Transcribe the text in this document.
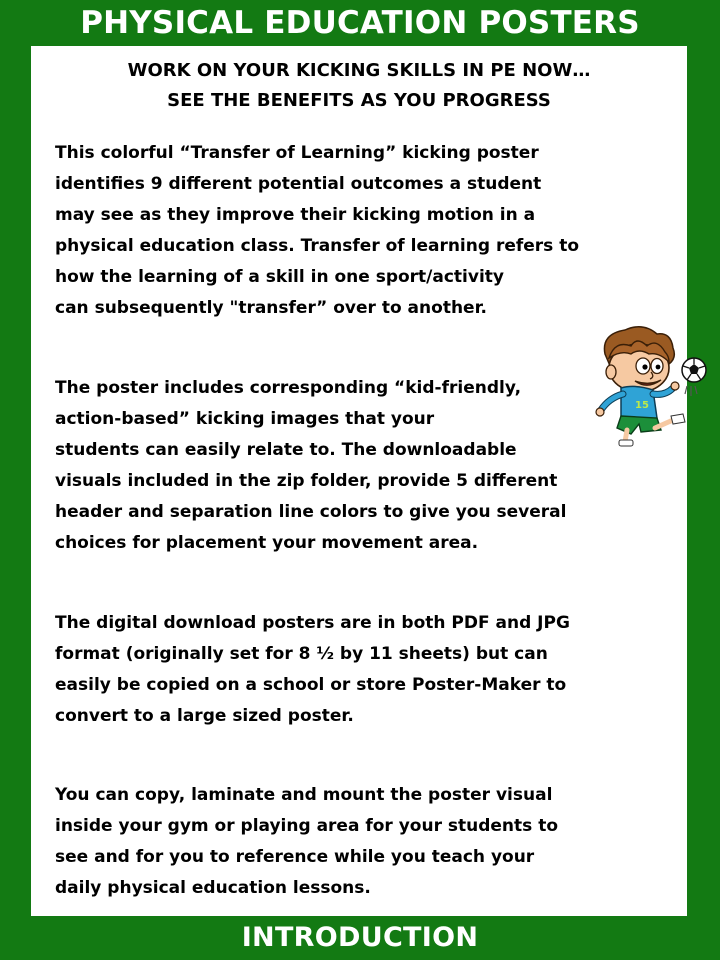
PHYSICAL EDUCATION POSTERS
WORK ON YOUR KICKING SKILLS IN PE NOW…
SEE THE BENEFITS AS YOU PROGRESS
This colorful “Transfer of Learning” kicking poster
identifies 9 different potential outcomes a student
may see as they improve their kicking motion in a
physical education class. Transfer of learning refers to
how the learning of a skill in one sport/activity
can subsequently "transfer” over to another.
The poster includes corresponding “kid-friendly,
action-based” kicking images that your
students can easily relate to. The downloadable
visuals included in the zip folder, provide 5 different
header and separation line colors to give you several
choices for placement your movement area.
The digital download posters are in both PDF and JPG
format (originally set for 8 ½ by 11 sheets) but can
easily be copied on a school or store Poster-Maker to
convert to a large sized poster.
You can copy, laminate and mount the poster visual
inside your gym or playing area for your students to
see and for you to reference while you teach your
daily physical education lessons.
15
INTRODUCTION
